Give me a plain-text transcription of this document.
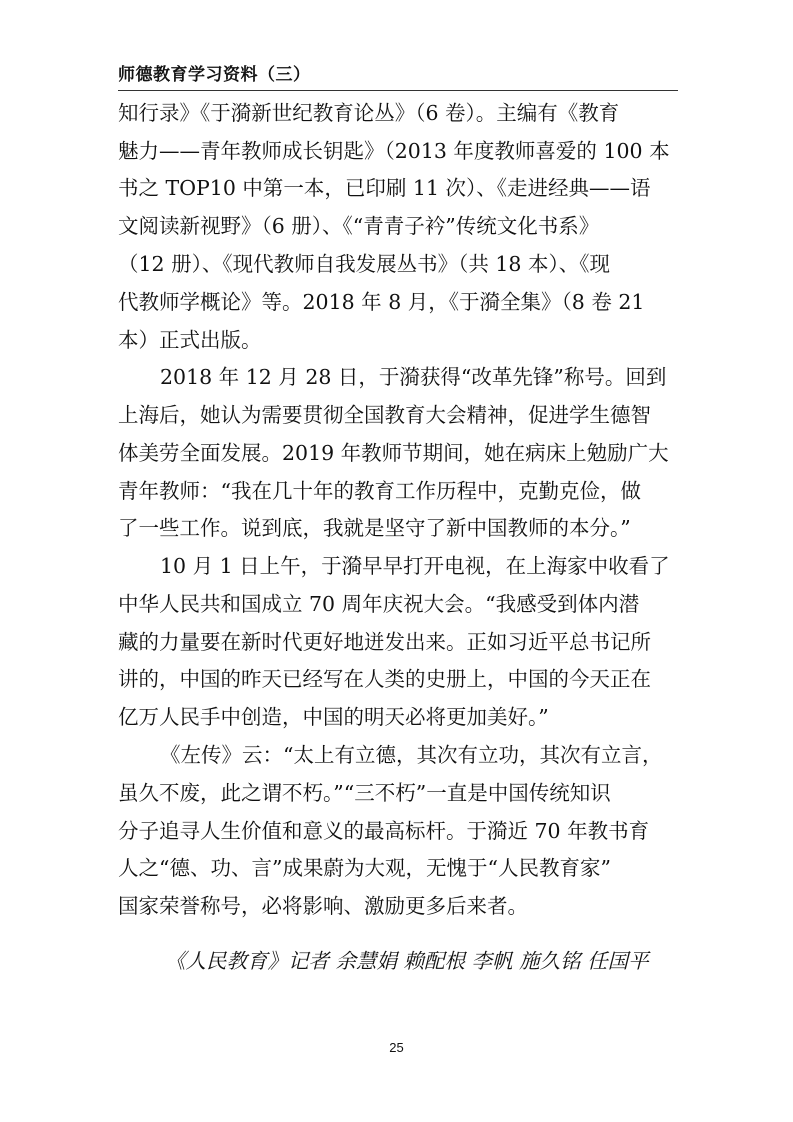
师德教育学习资料（三）
知行录》《于漪新世纪教育论丛》（6 卷）。主编有《教育
魅力——青年教师成长钥匙》（2013 年度教师喜爱的 100 本
书之 TOP10 中第一本，已印刷 11 次）、《走进经典——语
文阅读新视野》（6 册）、《“青青子衿”传统文化书系》
（12 册）、《现代教师自我发展丛书》（共 18 本）、《现
代教师学概论》等。2018 年 8 月，《于漪全集》（8 卷 21
本）正式出版。
2018 年 12 月 28 日，于漪获得“改革先锋”称号。回到
上海后，她认为需要贯彻全国教育大会精神，促进学生德智
体美劳全面发展。2019 年教师节期间，她在病床上勉励广大
青年教师：“我在几十年的教育工作历程中，克勤克俭，做
了一些工作。说到底，我就是坚守了新中国教师的本分。”
10 月 1 日上午，于漪早早打开电视，在上海家中收看了
中华人民共和国成立 70 周年庆祝大会。“我感受到体内潜
藏的力量要在新时代更好地迸发出来。正如习近平总书记所
讲的，中国的昨天已经写在人类的史册上，中国的今天正在
亿万人民手中创造，中国的明天必将更加美好。”
《左传》云：“太上有立德，其次有立功，其次有立言，
虽久不废，此之谓不朽。”“三不朽”一直是中国传统知识
分子追寻人生价值和意义的最高标杆。于漪近 70 年教书育
人之“德、功、言”成果蔚为大观，无愧于“人民教育家”
国家荣誉称号，必将影响、激励更多后来者。
《人民教育》记者 余慧娟 赖配根 李帆 施久铭 任国平
25
